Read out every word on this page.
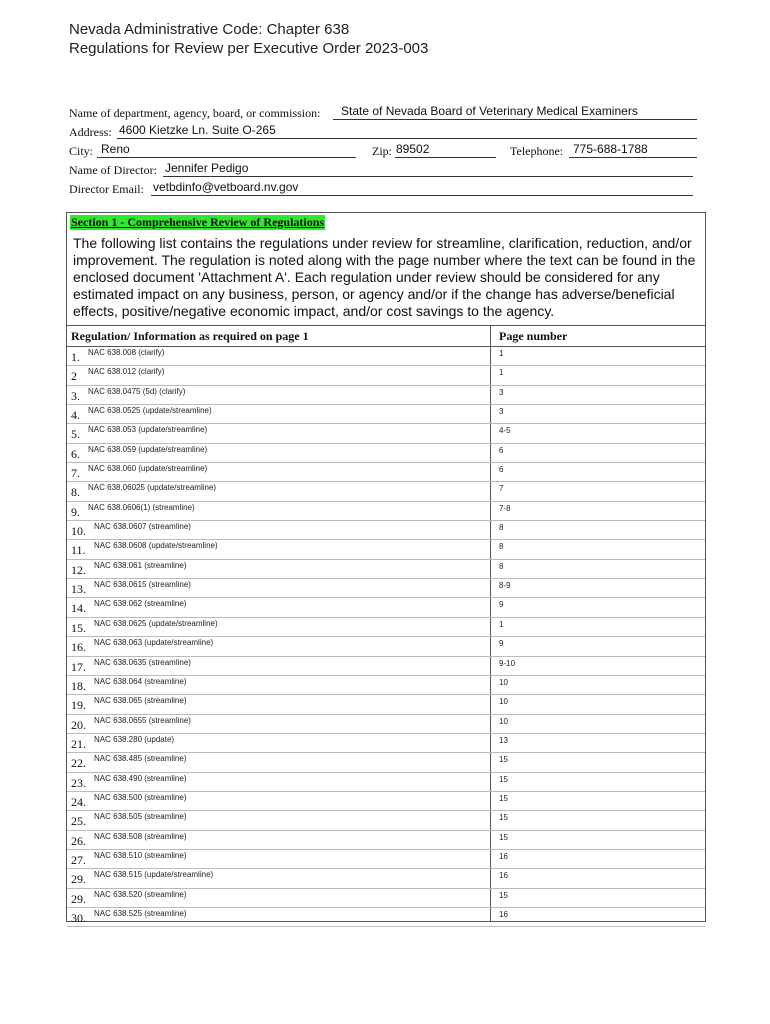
Nevada Administrative Code: Chapter 638
Regulations for Review per Executive Order 2023-003
Name of department, agency, board, or commission: State of Nevada Board of Veterinary Medical Examiners
Address: 4600 Kietzke Ln. Suite O-265
City: Reno	Zip: 89502	Telephone: 775-688-1788
Name of Director: Jennifer Pedigo
Director Email: vetbdinfo@vetboard.nv.gov
Section 1 - Comprehensive Review of Regulations
The following list contains the regulations under review for streamline, clarification, reduction, and/or improvement. The regulation is noted along with the page number where the text can be found in the enclosed document 'Attachment A'. Each regulation under review should be considered for any estimated impact on any business, person, or agency and/or if the change has adverse/beneficial effects, positive/negative economic impact, and/or cost savings to the agency.
Regulation/ Information as required on page 1	Page number
1. NAC 638.008 (clarify)	1
2 NAC 638.012 (clarify)	1
3. NAC 638.0475 (5d) (clarify)	3
4. NAC 638.0525 (update/streamline)	3
5. NAC 638.053 (update/streamline)	4-5
6. NAC 638.059 (update/streamline)	6
7. NAC 638.060 (update/streamline)	6
8. NAC 638.06025 (update/streamline)	7
9. NAC 638.0606(1) (streamline)	7-8
10. NAC 638.0607 (streamline)	8
11. NAC 638.0608 (update/streamline)	8
12. NAC 638.061 (streamline)	8
13. NAC 638.0615 (streamline)	8-9
14. NAC 638.062 (streamline)	9
15. NAC 638.0625 (update/streamline)	1
16. NAC 638.063 (update/streamline)	9
17. NAC 638.0635 (streamline)	9-10
18. NAC 638.064 (streamline)	10
19. NAC 638.065 (streamline)	10
20. NAC 638.0655 (streamline)	10
21. NAC 638.280 (update)	13
22. NAC 638.485 (streamline)	15
23. NAC 638.490 (streamline)	15
24. NAC 638.500 (streamline)	15
25. NAC 638.505 (streamline)	15
26. NAC 638.508 (streamline)	15
27. NAC 638.510 (streamline)	16
29. NAC 638.515 (update/streamline)	16
29. NAC 638.520 (streamline)	15
30. NAC 638.525 (streamline)	16
